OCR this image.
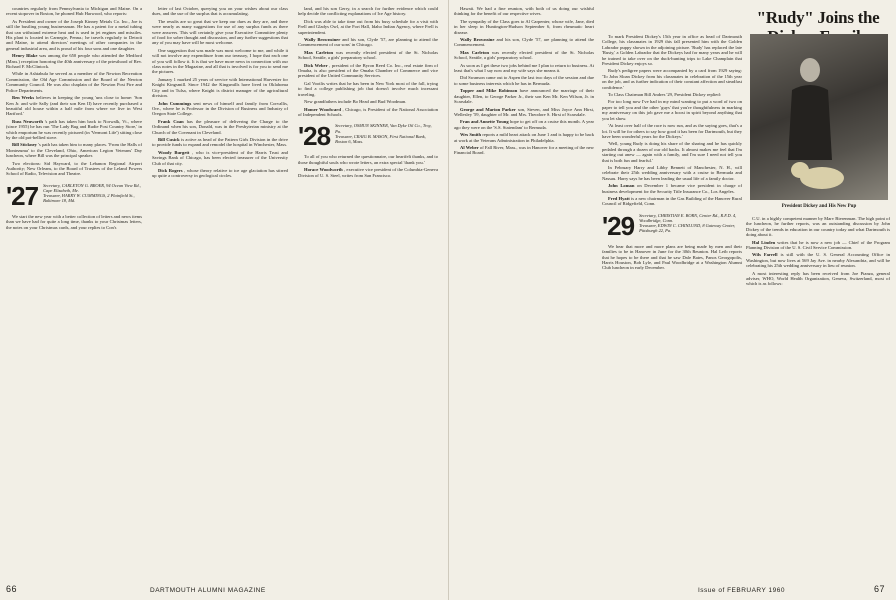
countries regularly from Pennsylvania to Michigan and Maine. On a recent stopover in Boston, he phoned Hub Harwood, who reports:

As President and owner of the Joseph Kinney Metals Co. Inc., Joe is still the bustling young businessman. He has a patent for a metal tubing that can withstand extreme heat and is used in jet engines and missiles. His plant is located in Carnegie, Penna.; he travels regularly to Detroit and Maine, to attend directors' meetings of other companies in the general industrial area, and is proud of his four sons and one daughter.

Henry Blake was among the 650 people who attended the Medford (Mass.) reception honoring the 40th anniversary of the priesthood of Rev. Richard F. McClintock.

While in Ashtabula he served as a member of the Newton Recreation Commission, the Old Age Commission and the Board of the Newton Community Council. He was also chaplain of the Newton Post Fire and Police Departments.

Ben Weeks believes in keeping the young 'uns close to home: 'Son Ken Jr. and wife Sally (and their son Ken II) have recently purchased a beautiful old house within a half mile from where we live in West Hartford.'

Russ Neuworth 's path has taken him back to Norwalk, Vt., where (since 1955) he has run 'The Lady Bug and Rudie Post Country Store,' in which emporium he was recently pictured (in 'Vermont Life') sitting close by the old pot-bellied stove.

Bill Stickney 's path has taken him to many places. 'From the Halls of Montezuma' to the Cleveland, Ohio, American Legion Veterans' Day luncheon, where Bill was the principal speaker.

Two elections: Sid Hayward, to the Lebanon Regional Airport Authority; New Orleans, to the Board of Trustees of the Leland Powers School of Radio, Television and Theatre.

'27 Secretary, CARLETON G. BROER, 94 Ocean View Rd., Cape Elizabeth, Me.
Treasurer, HARRY W. CUMMINGS, 2 Plainfield St., Baltimore 18, Md.

We start the new year with a better collection of letters and news items than we have had for quite a long time, thanks to your Christmas letters, the notes on your Christmas cards, and your replies to Con's

letter of last October, querying you on your wishes about our class dues, and the use of the surplus that is accumulating.

The results are so great that we keep our dues as they are, and there were nearly as many suggestions for use of any surplus funds as there were answers. This will certainly give your Executive Committee plenty of food for sober thought and discussion, and any further suggestions that any of you may have will be most welcome.

One suggestion that was made was most welcome to me, and while it will not involve any expenditure from our treasury, I hope that each one of you will follow it. It is that we have more news in connection with our class notes in the Magazine, and all that is involved is for you to send me the pictures.

January 1 marked 25 years of service with International Harvester for Knight Kingsmill. Since 1942 the Kingsmills have lived in Oklahoma City and in Tulsa, where Knight is district manager of the agricultural division.

John Cummings sent news of himself and family from Corvallis, Ore., where he is Professor in the Division of Business and Industry of Oregon State College.

Frank Coan has the pleasure of delivering the Charge to the Ordinand when his son, Donald, was in the Presbyterian ministry at the Church of the Covenant in Cleveland.

Bill Cusick is active as head of the Pattern Girls Division in the drive to provide funds to expand and remodel the hospital in Winchester, Mass.

Woody Burgett , who is vice-president of the Harris Trust and Savings Bank of Chicago, has been elected treasurer of the University Club of that city.

Dick Rogers , whose theory relative to ice age glaciation has stirred up quite a controversy in geological circles.

land, and his son Gerry, in a search for further evidence which could help decide the conflicting explanations of Ice Age history.

Dick was able to take time out from his busy schedule for a visit with Frell and Gladys Owl, at the Fort Hall, Idaho Indian Agency, where Frell is superintendent.

Wally Brownsiner and his son, Clyde '57, are planning to attend the Commencement of our sons' in Chicago.

Max Carleton was recently elected president of the St. Nicholas School, Seattle, a girls' preparatory school.

Dick Weber , president of the Byron Reed Co. Inc., real estate firm of Omaha, is also president of the Omaha Chamber of Commerce and vice president of the United Community Services.

Gal Vootlis writes that he has been in New York most of the fall, trying to find a college publishing job that doesn't involve much incessant traveling.

New grandfathers include Bo Head and Bud Woodman.

Homer Woodward , Chicago, is President of the National Association of Independent Schools.

'28 Secretary, OSMUN SKINNER, Van Dyke Oil Co., Troy, Pa.
Treasurer, CRAIG B. MASON, First National Bank, Boston 6, Mass.

To all of you who returned the questionnaire, our heartfelt thanks, and to those thoughtful souls who wrote letters, an extra special 'thank you.'

Horace Woodworth , executive vice president of the Columbia-Geneva Division of U. S. Steel, writes from San Francisco.

66	DARTMOUTH ALUMNI MAGAZINE

Hawaii. We had a fine reunion, with both of us doing our wishful thinking for the benefit of our respective wives.

The sympathy of the Class goes to Al Carpenter, whose wife, Jane, died in her sleep in Huntington-Hudson September 6, from rheumatic heart disease.

Wally Brownsine and his son, Clyde '57, are planning to attend the Commencement.

Max Carleton was recently elected president of the St. Nicholas School, Seattle, a girls' preparatory school.

As soon as I get these two jobs behind me I plan to return to business. At least that's what I say now and my wife says she means it.

Did Swanson came out to Aspen the last two days of the session and due to some business interests which he has in Bermuda.

Topper and Mike Robinson have announced the marriage of their daughter, Ellen, to George Parker Jr., their son Ken Mr. Ken Wilson, Jr. in Scarsdale.

George and Marion Parker son, Steven, and Miss Joyce Ann Hirst, Wellesley '59, daughter of Mr. and Mrs. Theodore S. Hirst of Scarsdale.

Fran and Annette Young hope to get off on a cruise this month. A year ago they were on the 'S.S. Statendam' to Bermuda.

Wes Smith reports a mild heart attack on June 1 and is happy to be back at work at the Veterans Administration in Philadelphia.

Al Weber of Fall River, Mass., was in Hanover for a meeting of the new Financial Board.

To mark President Dickey's 15th year in office as head of Dartmouth College, his classmates in 1929 this fall presented him with the Golden Labrador puppy shown in the adjoining picture. 'Rudy' has replaced the late 'Rusty,' a Golden Labrador that the Dickeys had for many years and he will be trained to take over on the duck-hunting trips to Lake Champlain that President Dickey enjoys so.

Rudy's pedigree papers were accompanied by a card from 1929 saying: 'To John Sloan Dickey from his classmates in celebration of the 15th year on the job, and as further indication of their constant affection and steadfast confidence.'

To Class Chairman Bill Andres '29, President Dickey replied:

For too long now I've had in my mind wanting to put a word of two on paper to tell you and the other 'guys' that you're thoughtfulness in marking my anniversary on this job gave me a boost in spirit beyond anything that you let show.

'At least over half of the race is now run, and as the saying goes, that's a lot. It will be for others to say how good it has been for Dartmouth, but they have been wonderful years for the Dickeys.'

'Well, young Rudy is doing his share of the sharing and he has quickly pedaled through a dozen of our old backs. It almost makes me feel that I'm starting out anew — again with a family, and I'm sure I need not tell you that is both fun and fearful.'

In February Harry and Libby Bennett of Manchester, N. H., will celebrate their 25th wedding anniversary with a cruise to Bermuda and Nassau. Harry says he has been leading the usual life of a family doctor.

John Loman on December 1 became vice president in charge of business development for the Security Title Insurance Co., Los Angeles.

Fred Hyatt is a new chairman in the Gas Building of the Hanover Rural Council of Ridgefield, Conn.

'29 Secretary, CHRISTIAN E. BORN, Center Rd., R.F.D. 4, Woodbridge, Conn.
Treasurer, EDWIN C. CHINLUND, 8 Gateway Center, Pittsburgh 22, Pa.

We hear that more and more plans are being made by men and their families to be in Hanover in June for the 30th Reunion. Hal Leib reports that he hopes to be there and that he saw Dale Bates, Panos Georgopolis, Harris Houston, Bob Lyle, and Paul Woodbridge at a Washington Alumni Club luncheon in early December.

"Rudy" Joins the
President Dickey and His New Pup

C.U. in a highly competent manner by Marv Bierenman. The high point of the luncheon, he further reports, was an outstanding discussion by John Dickey of the trends in education in our country today and what Dartmouth is doing about it.

Hal Linden writes that he is now a new job — Chief of the Program Planning Division of the U. S. Civil Service Commission.

Wils Farrell is still with the U. S. General Accounting Office in Washington, but now lives at 569 Jay Ave. in nearby Alexandria, and will be celebrating his 25th wedding anniversary in lieu of reunion.

A most interesting reply has been received from Joe Pianza, general adviser, WHO, World Health Organization, Geneva, Switzerland, most of which is as follows:

Issue of FEBRUARY 1960	67
